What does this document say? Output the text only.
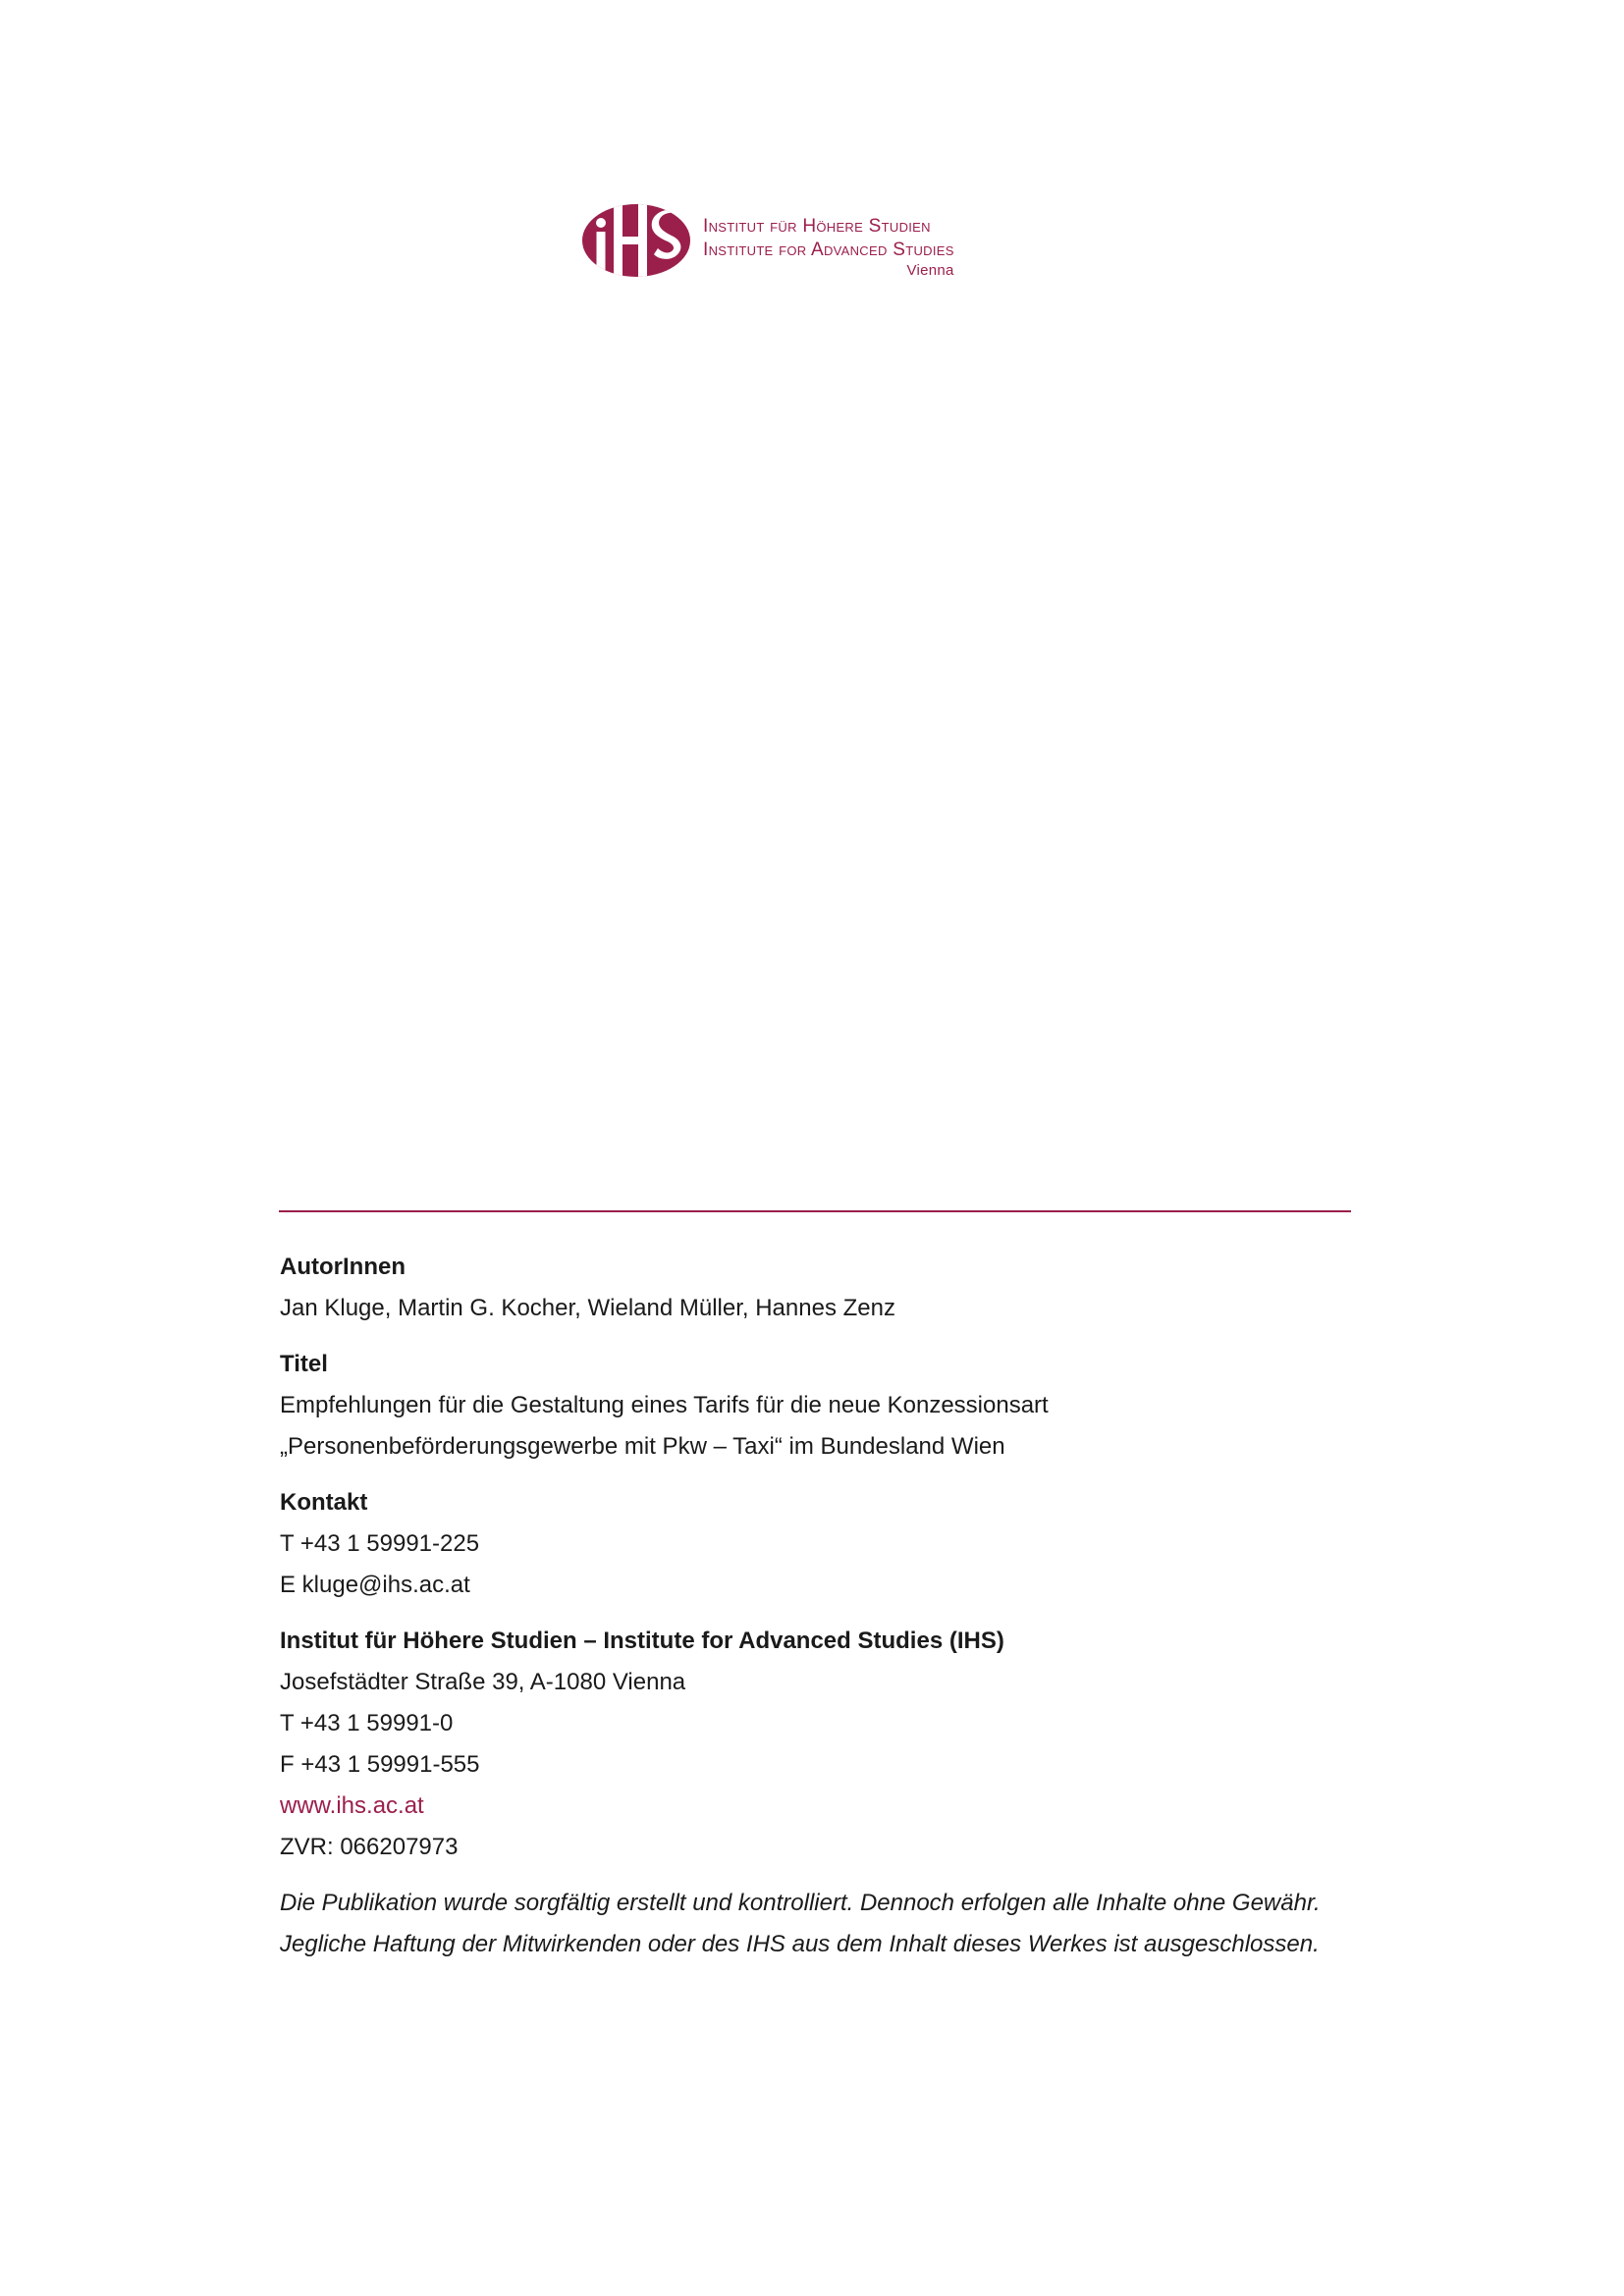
Institut für Höhere Studien
Institute for Advanced Studies
Vienna
AutorInnen
Jan Kluge, Martin G. Kocher, Wieland Müller, Hannes Zenz
Titel
Empfehlungen für die Gestaltung eines Tarifs für die neue Konzessionsart
„Personenbeförderungsgewerbe mit Pkw – Taxi“ im Bundesland Wien
Kontakt
T +43 1 59991-225
E kluge@ihs.ac.at
Institut für Höhere Studien – Institute for Advanced Studies (IHS)
Josefstädter Straße 39, A-1080 Vienna
T +43 1 59991-0
F +43 1 59991-555
www.ihs.ac.at
ZVR: 066207973
Die Publikation wurde sorgfältig erstellt und kontrolliert. Dennoch erfolgen alle Inhalte ohne Gewähr. Jegliche Haftung der Mitwirkenden oder des IHS aus dem Inhalt dieses Werkes ist ausgeschlossen.
